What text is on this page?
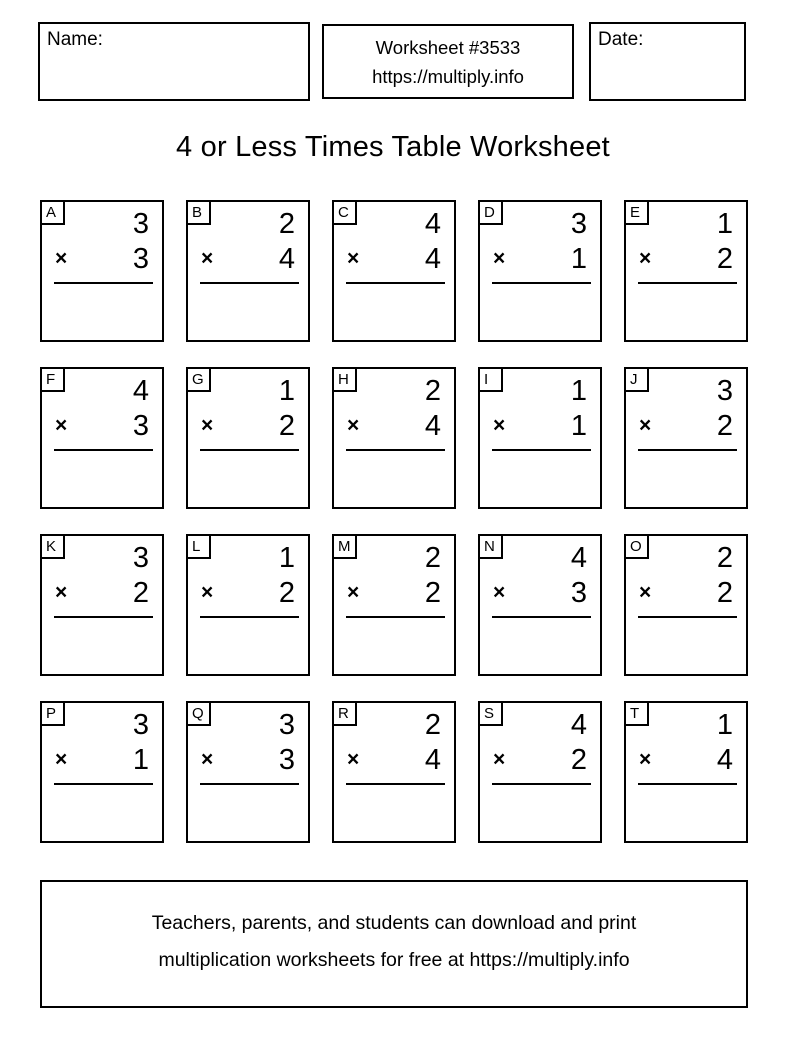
Name:	Worksheet #3533
https://multiply.info
Date:
4 or Less Times Table Worksheet
A	3
× 3
B	2
× 4
C	4
× 4
D	3
× 1
E	1
× 2
F	4
× 3
G	1
× 2
H	2
× 4
I	1
× 1
J	3
× 2
K	3
× 2
L	1
× 2
M	2
× 2
N	4
× 3
O	2
× 2
P	3
× 1
Q	3
× 3
R	2
× 4
S	4
× 2
T	1
× 4
Teachers, parents, and students can download and print
multiplication worksheets for free at https://multiply.info
